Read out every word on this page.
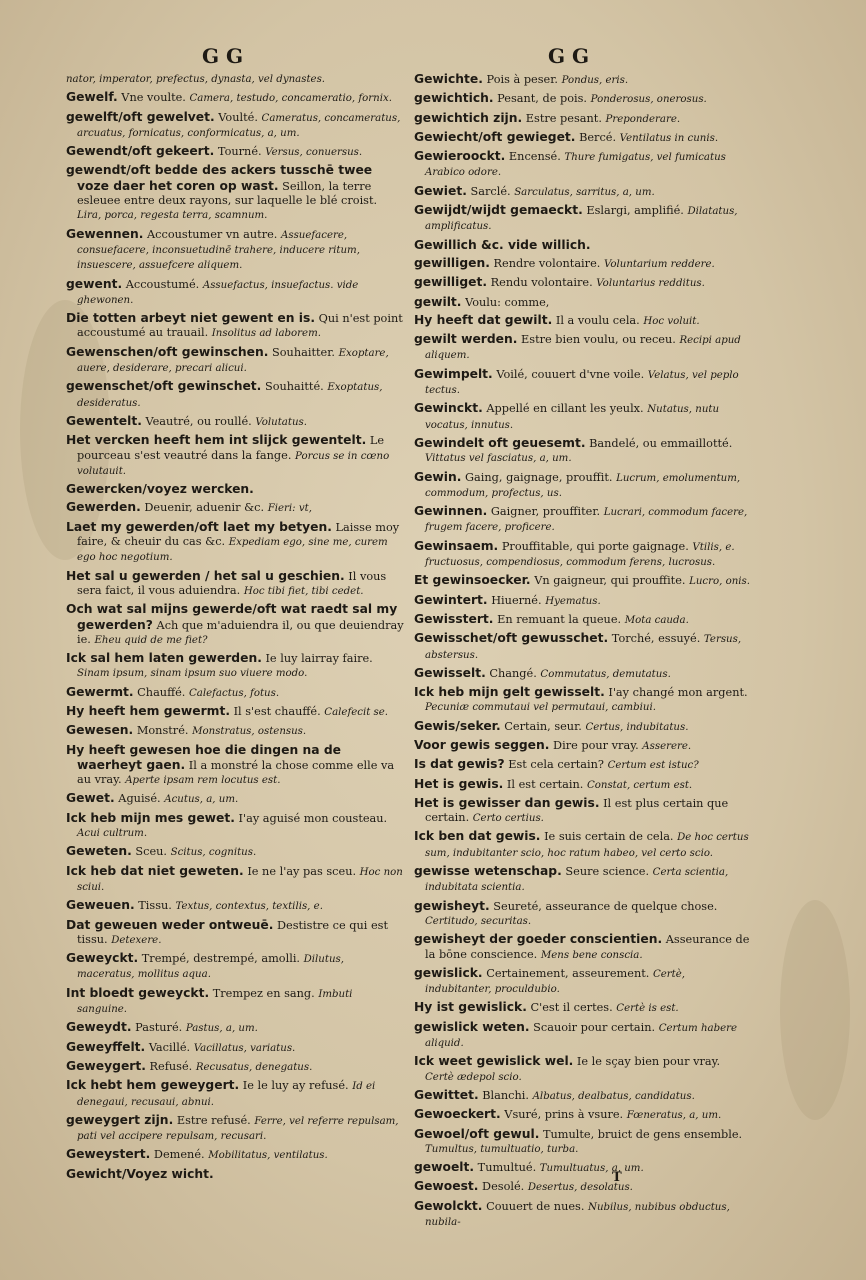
G G	G G
nator, imperator, prefectus, dynasta, vel dynastes.
Gewelf. Vne voulte. Camera, testudo, concameratio, fornix.
gewelft/oft gewelvet. Voulté. Cameratus, concameratus, arcuatus, fornicatus, conformicatus, a, um.
Gewendt/oft gekeert. Tourné. Versus, conuersus.
gewendt/oft bedde des ackers tusschē twee voze daer het coren op wast. Seillon, la terre esleuee entre deux rayons, sur laquelle le blé croist. Lira, porca, regesta terra, scamnum.
Gewennen. Accoustumer vn autre. Assuefacere, consuefacere, inconsuetudinē trahere, inducere ritum, insuescere, assuefcere aliquem.
gewent. Accoustumé. Assuefactus, insuefactus. vide ghewonen.
Die totten arbeyt niet gewent en is. Qui n'est point accoustumé au trauail. Insolitus ad laborem.
Gewenschen/oft gewinschen. Souhaitter. Exoptare, auere, desiderare, precari alicui.
gewenschet/oft gewinschet. Souhaitté. Exoptatus, desideratus.
Gewentelt. Veautré, ou roullé. Volutatus.
Het vercken heeft hem int slijck gewentelt. Le pourceau s'est veautré dans la fange. Porcus se in cœno volutauit.
Gewercken/voyez wercken.
Gewerden. Deuenir, aduenir &c. Fieri: vt,
Laet my gewerden/oft laet my betyen. Laisse moy faire, & cheuir du cas &c. Expediam ego, sine me, curem ego hoc negotium.
Het sal u gewerden / het sal u geschien. Il vous sera faict, il vous aduiendra. Hoc tibi fiet, tibi cedet.
Och wat sal mijns gewerde/oft wat raedt sal my gewerden? Ach que m'aduiendra il, ou que deuiendray ie. Eheu quid de me fiet?
Ick sal hem laten gewerden. Ie luy lairray faire. Sinam ipsum, sinam ipsum suo viuere modo.
Gewermt. Chauffé. Calefactus, fotus.
Hy heeft hem gewermt. Il s'est chauffé. Calefecit se.
Gewesen. Monstré. Monstratus, ostensus.
Hy heeft gewesen hoe die dingen na de waerheyt gaen. Il a monstré la chose comme elle va au vray. Aperte ipsam rem locutus est.
Gewet. Aguisé. Acutus, a, um.
Ick heb mijn mes gewet. I'ay aguisé mon cousteau. Acui cultrum.
Geweten. Sceu. Scitus, cognitus.
Ick heb dat niet geweten. Ie ne l'ay pas sceu. Hoc non sciui.
Geweuen. Tissu. Textus, contextus, textilis, e.
Dat geweuen weder ontweuē. Destistre ce qui est tissu. Detexere.
Geweyckt. Trempé, destrempé, amolli. Dilutus, maceratus, mollitus aqua.
Int bloedt geweyckt. Trempez en sang. Imbuti sanguine.
Geweydt. Pasturé. Pastus, a, um.
Geweyffelt. Vacillé. Vacillatus, variatus.
Geweygert. Refusé. Recusatus, denegatus.
Ick hebt hem geweygert. Ie le luy ay refusé. Id ei denegaui, recusaui, abnui.
geweygert zijn. Estre refusé. Ferre, vel referre repulsam, pati vel accipere repulsam, recusari.
Geweystert. Demené. Mobilitatus, ventilatus.
Gewicht/Voyez wicht.
Gewichte. Pois à peser. Pondus, eris.
gewichtich. Pesant, de pois. Ponderosus, onerosus.
gewichtich zijn. Estre pesant. Preponderare.
Gewiecht/oft gewieget. Bercé. Ventilatus in cunis.
Gewieroockt. Encensé. Thure fumigatus, vel fumicatus Arabico odore.
Gewiet. Sarclé. Sarculatus, sarritus, a, um.
Gewijdt/wijdt gemaeckt. Eslargi, amplifié. Dilatatus, amplificatus.
Gewillich &c. vide willich.
gewilligen. Rendre volontaire. Voluntarium reddere.
gewilliget. Rendu volontaire. Voluntarius redditus.
gewilt. Voulu: comme,
Hy heeft dat gewilt. Il a voulu cela. Hoc voluit.
gewilt werden. Estre bien voulu, ou receu. Recipi apud aliquem.
Gewimpelt. Voilé, couuert d'vne voile. Velatus, vel peplo tectus.
Gewinckt. Appellé en cillant les yeulx. Nutatus, nutu vocatus, innutus.
Gewindelt oft geuesemt. Bandelé, ou emmaillotté. Vittatus vel fasciatus, a, um.
Gewin. Gaing, gaignage, prouffit. Lucrum, emolumentum, commodum, profectus, us.
Gewinnen. Gaigner, prouffiter. Lucrari, commodum facere, frugem facere, proficere.
Gewinsaem. Prouffitable, qui porte gaignage. Vtilis, e. fructuosus, compendiosus, commodum ferens, lucrosus.
Et gewinsoecker. Vn gaigneur, qui prouffite. Lucro, onis.
Gewintert. Hiuerné. Hyematus.
Gewisstert. En remuant la queue. Mota cauda.
Gewisschet/oft gewusschet. Torché, essuyé. Tersus, abstersus.
Gewisselt. Changé. Commutatus, demutatus.
Ick heb mijn gelt gewisselt. I'ay changé mon argent. Pecuniæ commutaui vel permutaui, cambiui.
Gewis/seker. Certain, seur. Certus, indubitatus.
Voor gewis seggen. Dire pour vray. Asserere.
Is dat gewis? Est cela certain? Certum est istuc?
Het is gewis. Il est certain. Constat, certum est.
Het is gewisser dan gewis. Il est plus certain que certain. Certo certius.
Ick ben dat gewis. Ie suis certain de cela. De hoc certus sum, indubitanter scio, hoc ratum habeo, vel certo scio.
gewisse wetenschap. Seure science. Certa scientia, indubitata scientia.
gewisheyt. Seureté, asseurance de quelque chose. Certitudo, securitas.
gewisheyt der goeder conscientien. Asseurance de la bōne conscience. Mens bene conscia.
gewislick. Certainement, asseurement. Certè, indubitanter, proculdubio.
Hy ist gewislick. C'est il certes. Certè is est.
gewislick weten. Scauoir pour certain. Certum habere aliquid.
Ick weet gewislick wel. Ie le sçay bien pour vray. Certè ædepol scio.
Gewittet. Blanchi. Albatus, dealbatus, candidatus.
Gewoeckert. Vsuré, prins à vsure. Fœneratus, a, um.
Gewoel/oft gewul. Tumulte, bruict de gens ensemble. Tumultus, tumultuatio, turba.
gewoelt. Tumultué. Tumultuatus, a, um.
Gewoest. Desolé. Desertus, desolatus.
Gewolckt. Couuert de nues. Nubilus, nubibus obductus, nubila-
T
